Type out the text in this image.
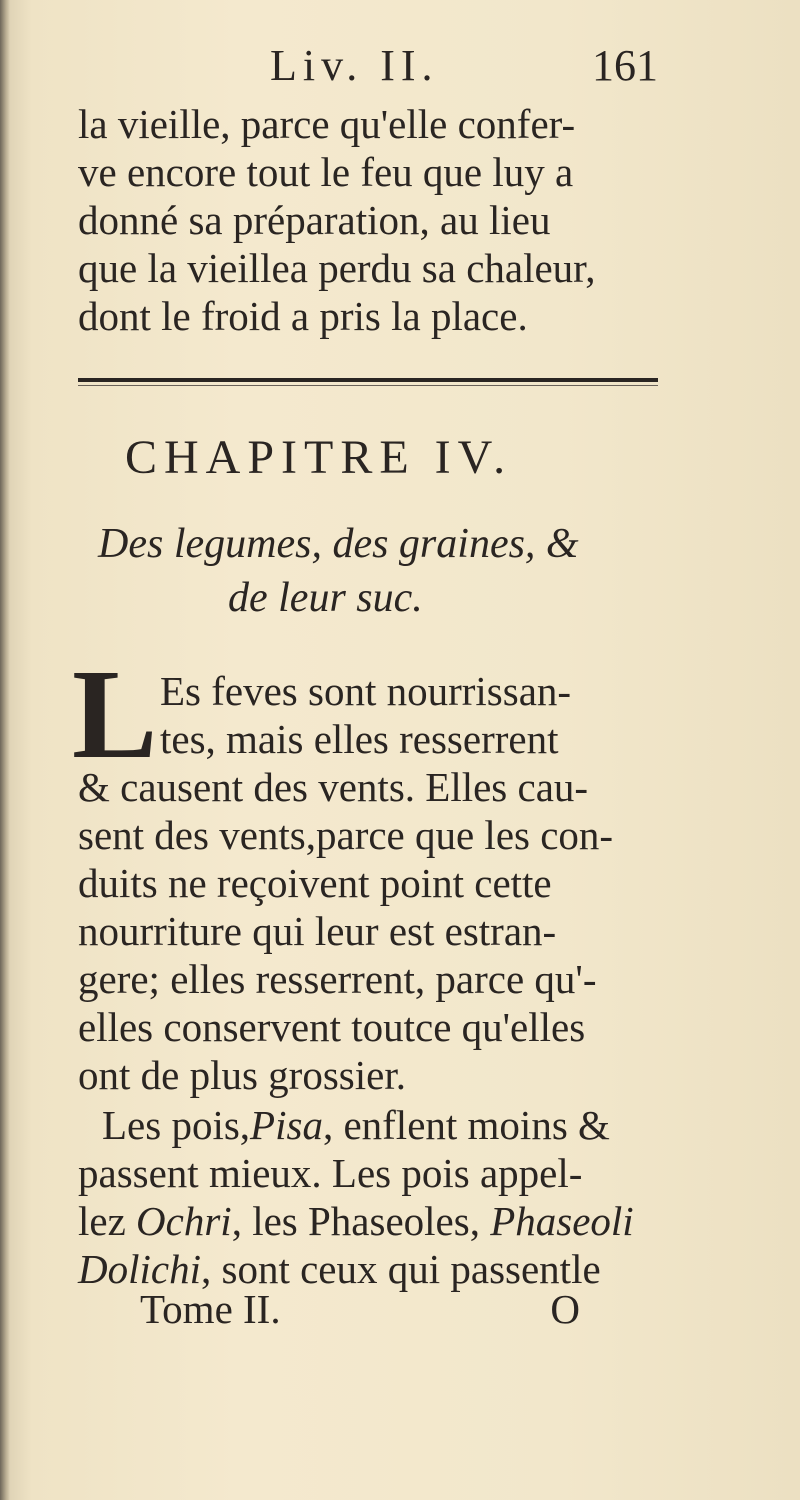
Liv. II.	161
la vieille, parce qu'elle confer-
ve encore tout le feu que luy a
donné sa préparation, au lieu
que la vieillea perdu sa chaleur,
dont le froid a pris la place.
CHAPITRE IV.
Des legumes, des graines, &
de leur suc.
L Es feves sont nourrissan-
tes, mais elles resserrent
& causent des vents. Elles cau-
sent des vents,parce que les con-
duits ne reçoivent point cette
nourriture qui leur est estran-
gere; elles resserrent, parce qu'-
elles conservent toutce qu'elles
ont de plus grossier.
Les pois,Pisa, enflent moins &
passent mieux. Les pois appel-
lez Ochri, les Phaseoles, Phaseoli
Dolichi, sont ceux qui passentle
Tome II.	O
